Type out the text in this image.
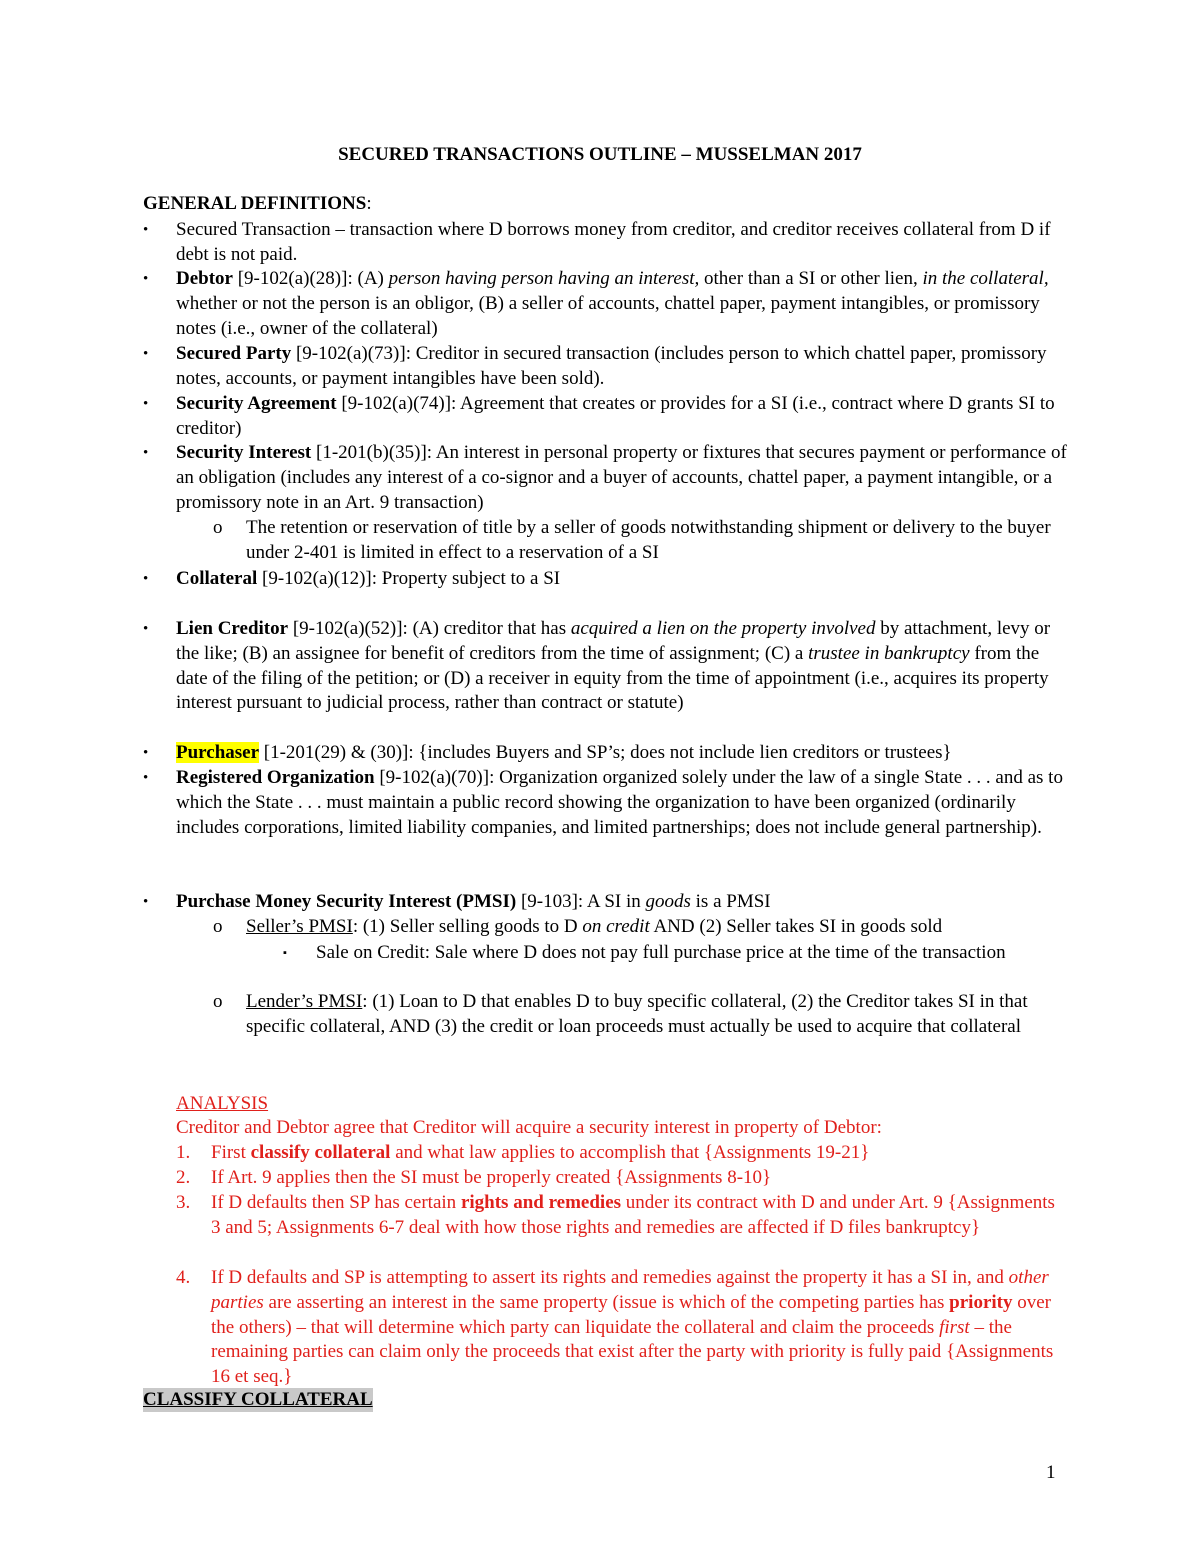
SECURED TRANSACTIONS OUTLINE – MUSSELMAN 2017
GENERAL DEFINITIONS:
• Secured Transaction – transaction where D borrows money from creditor, and creditor receives collateral from D if debt is not paid.
• Debtor [9-102(a)(28)]: (A) person having person having an interest, other than a SI or other lien, in the collateral, whether or not the person is an obligor, (B) a seller of accounts, chattel paper, payment intangibles, or promissory notes (i.e., owner of the collateral)
• Secured Party [9-102(a)(73)]: Creditor in secured transaction (includes person to which chattel paper, promissory notes, accounts, or payment intangibles have been sold).
• Security Agreement [9-102(a)(74)]: Agreement that creates or provides for a SI (i.e., contract where D grants SI to creditor)
• Security Interest [1-201(b)(35)]: An interest in personal property or fixtures that secures payment or performance of an obligation (includes any interest of a co-signor and a buyer of accounts, chattel paper, a payment intangible, or a promissory note in an Art. 9 transaction)
o The retention or reservation of title by a seller of goods notwithstanding shipment or delivery to the buyer under 2-401 is limited in effect to a reservation of a SI
• Collateral [9-102(a)(12)]: Property subject to a SI
• Lien Creditor [9-102(a)(52)]: (A) creditor that has acquired a lien on the property involved by attachment, levy or the like; (B) an assignee for benefit of creditors from the time of assignment; (C) a trustee in bankruptcy from the date of the filing of the petition; or (D) a receiver in equity from the time of appointment (i.e., acquires its property interest pursuant to judicial process, rather than contract or statute)
• Purchaser [1-201(29) & (30)]: {includes Buyers and SP’s; does not include lien creditors or trustees}
• Registered Organization [9-102(a)(70)]: Organization organized solely under the law of a single State . . . and as to which the State . . . must maintain a public record showing the organization to have been organized (ordinarily includes corporations, limited liability companies, and limited partnerships; does not include general partnership).
• Purchase Money Security Interest (PMSI) [9-103]: A SI in goods is a PMSI
o Seller’s PMSI: (1) Seller selling goods to D on credit AND (2) Seller takes SI in goods sold
▪ Sale on Credit: Sale where D does not pay full purchase price at the time of the transaction
o Lender’s PMSI: (1) Loan to D that enables D to buy specific collateral, (2) the Creditor takes SI in that specific collateral, AND (3) the credit or loan proceeds must actually be used to acquire that collateral
ANALYSIS
Creditor and Debtor agree that Creditor will acquire a security interest in property of Debtor:
1. First classify collateral and what law applies to accomplish that {Assignments 19-21}
2. If Art. 9 applies then the SI must be properly created {Assignments 8-10}
3. If D defaults then SP has certain rights and remedies under its contract with D and under Art. 9 {Assignments 3 and 5; Assignments 6-7 deal with how those rights and remedies are affected if D files bankruptcy}
4. If D defaults and SP is attempting to assert its rights and remedies against the property it has a SI in, and other parties are asserting an interest in the same property (issue is which of the competing parties has priority over the others) – that will determine which party can liquidate the collateral and claim the proceeds first – the remaining parties can claim only the proceeds that exist after the party with priority is fully paid {Assignments 16 et seq.}
CLASSIFY COLLATERAL
1
